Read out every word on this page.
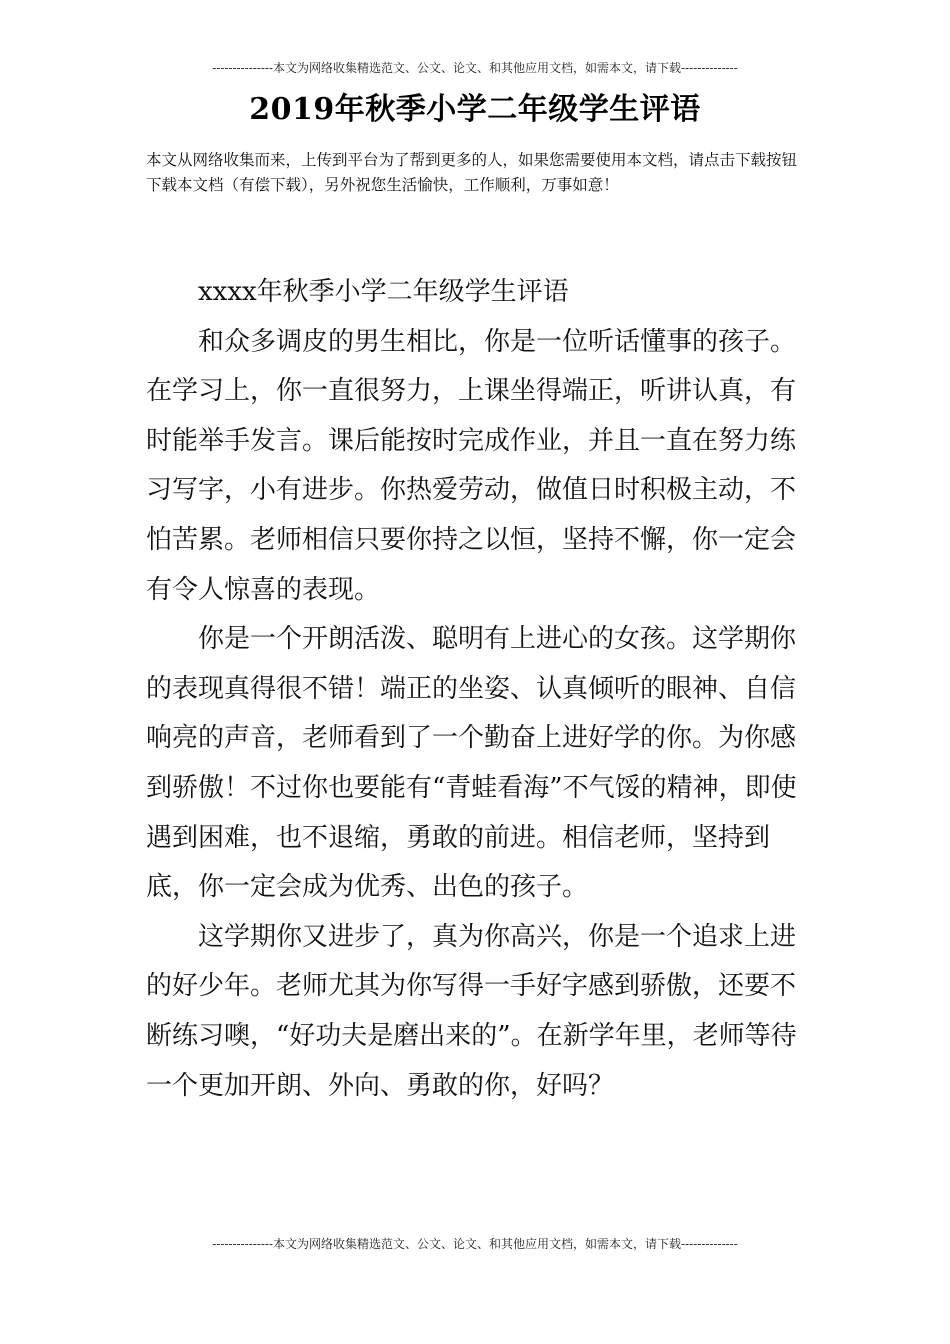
---------------本文为网络收集精选范文、公文、论文、和其他应用文档，如需本文，请下载--------------
2019年秋季小学二年级学生评语
本文从网络收集而来，上传到平台为了帮到更多的人，如果您需要使用本文档，请点击下载按钮下载本文档（有偿下载），另外祝您生活愉快，工作顺利，万事如意！

xxxx年秋季小学二年级学生评语

和众多调皮的男生相比，你是一位听话懂事的孩子。在学习上，你一直很努力，上课坐得端正，听讲认真，有时能举手发言。课后能按时完成作业，并且一直在努力练习写字，小有进步。你热爱劳动，做值日时积极主动，不怕苦累。老师相信只要你持之以恒，坚持不懈，你一定会有令人惊喜的表现。

你是一个开朗活泼、聪明有上进心的女孩。这学期你的表现真得很不错！端正的坐姿、认真倾听的眼神、自信响亮的声音，老师看到了一个勤奋上进好学的你。为你感到骄傲！不过你也要能有“青蛙看海”不气馁的精神，即使遇到困难，也不退缩，勇敢的前进。相信老师，坚持到底，你一定会成为优秀、出色的孩子。

这学期你又进步了，真为你高兴，你是一个追求上进的好少年。老师尤其为你写得一手好字感到骄傲，还要不断练习噢，“好功夫是磨出来的”。在新学年里，老师等待一个更加开朗、外向、勇敢的你，好吗？

---------------本文为网络收集精选范文、公文、论文、和其他应用文档，如需本文，请下载--------------
